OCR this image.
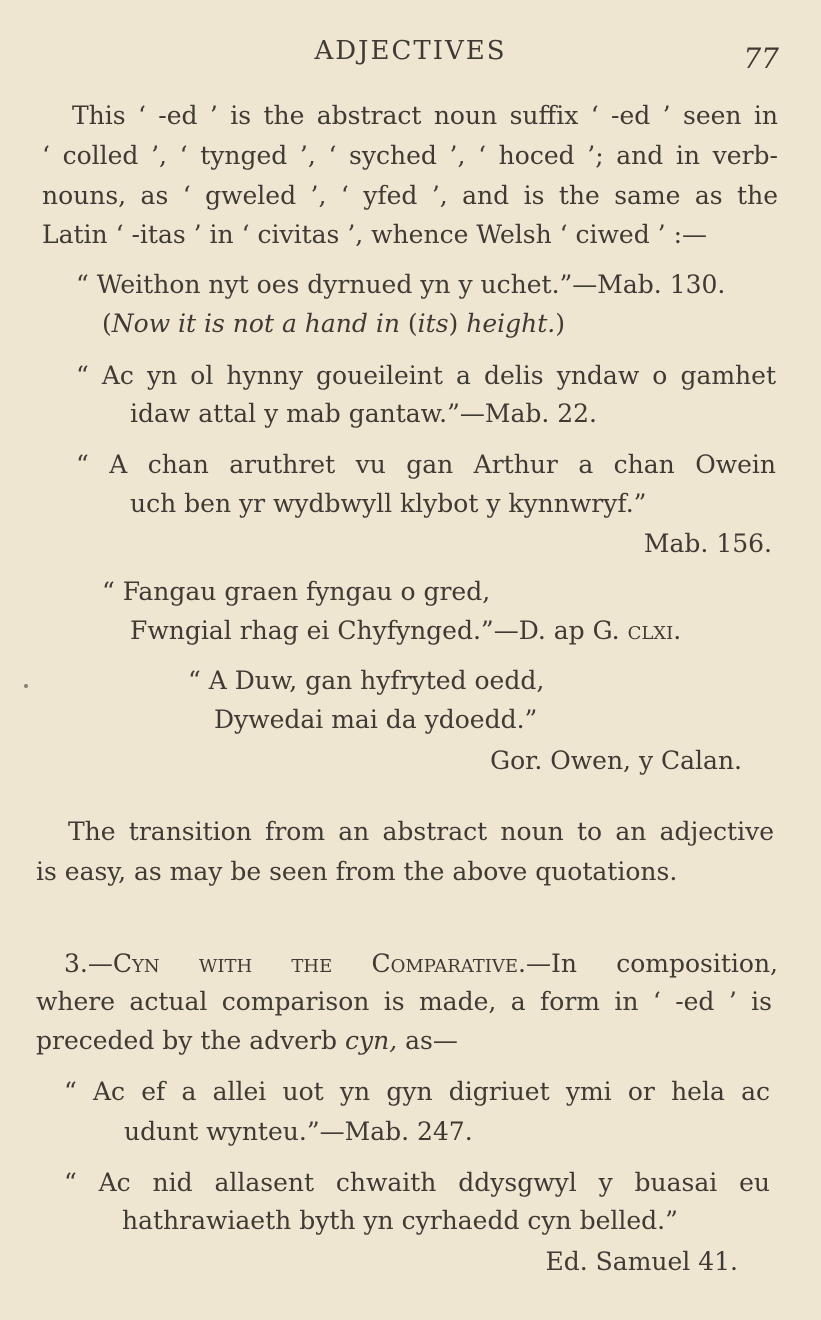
ADJECTIVES	77
This ‘ -ed ’ is the abstract noun suffix ‘ -ed ’ seen in
‘ colled ’, ‘ tynged ’, ‘ syched ’, ‘ hoced ’; and in verb-
nouns, as ‘ gweled ’, ‘ yfed ’, and is the same as the
Latin ‘ -itas ’ in ‘ civitas ’, whence Welsh ‘ ciwed ’ :—
“ Weithon nyt oes dyrnued yn y uchet.”—Mab. 130.
(Now it is not a hand in (its) height.)
“ Ac yn ol hynny goueileint a delis yndaw o gamhet
idaw attal y mab gantaw.”—Mab. 22.
“ A chan aruthret vu gan Arthur a chan Owein
uch ben yr wydbwyll klybot y kynnwryf.”
Mab. 156.
“ Fangau graen fyngau o gred,
Fwngial rhag ei Chyfynged.”—D. ap G. clxi.
“ A Duw, gan hyfryted oedd,
Dywedai mai da ydoedd.”
Gor. Owen, y Calan.
The transition from an abstract noun to an adjective
is easy, as may be seen from the above quotations.
3.—Cyn with the Comparative.—In composition,
where actual comparison is made, a form in ‘ -ed ’ is
preceded by the adverb cyn, as—
“ Ac ef a allei uot yn gyn digriuet ymi or hela ac
udunt wynteu.”—Mab. 247.
“ Ac nid allasent chwaith ddysgwyl y buasai eu
hathrawiaeth byth yn cyrhaedd cyn belled.”
Ed. Samuel 41.
